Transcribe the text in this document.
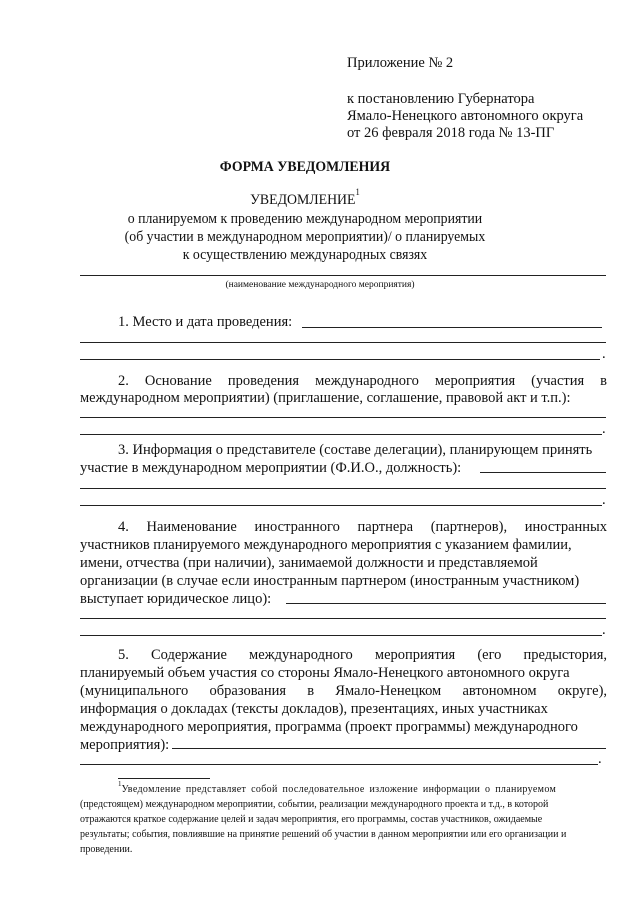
Приложение № 2
к постановлению Губернатора
Ямало-Ненецкого автономного округа
от 26 февраля 2018 года № 13-ПГ
ФОРМА УВЕДОМЛЕНИЯ
УВЕДОМЛЕНИЕ$^1$
о планируемом к проведению международном мероприятии
(об участии в международном мероприятии)/ о планируемых
к осуществлению международных связях
(наименование международного мероприятия)
1. Место и дата проведения:
.
2. Основание проведения международного мероприятия (участия в
международном мероприятии) (приглашение, соглашение, правовой акт и т.п.):
.
3. Информация о представителе (составе делегации), планирующем принять
участие в международном мероприятии (Ф.И.О., должность):
.
4. Наименование иностранного партнера (партнеров), иностранных
участников планируемого международного мероприятия с указанием фамилии,
имени, отчества (при наличии), занимаемой должности и представляемой
организации (в случае если иностранным партнером (иностранным участником)
выступает юридическое лицо):
.
5. Содержание международного мероприятия (его предыстория,
планируемый объем участия со стороны Ямало-Ненецкого автономного округа
(муниципального образования в Ямало-Ненецком автономном округе),
информация о докладах (тексты докладов), презентациях, иных участниках
международного мероприятия, программа (проект программы) международного
мероприятия):
.
$^1$Уведомление представляет собой последовательное изложение информации о планируемом
(предстоящем) международном мероприятии, событии, реализации международного проекта и т.д., в которой
отражаются краткое содержание целей и задач мероприятия, его программы, состав участников, ожидаемые
результаты; события, повлиявшие на принятие решений об участии в данном мероприятии или его организации и
проведении.
